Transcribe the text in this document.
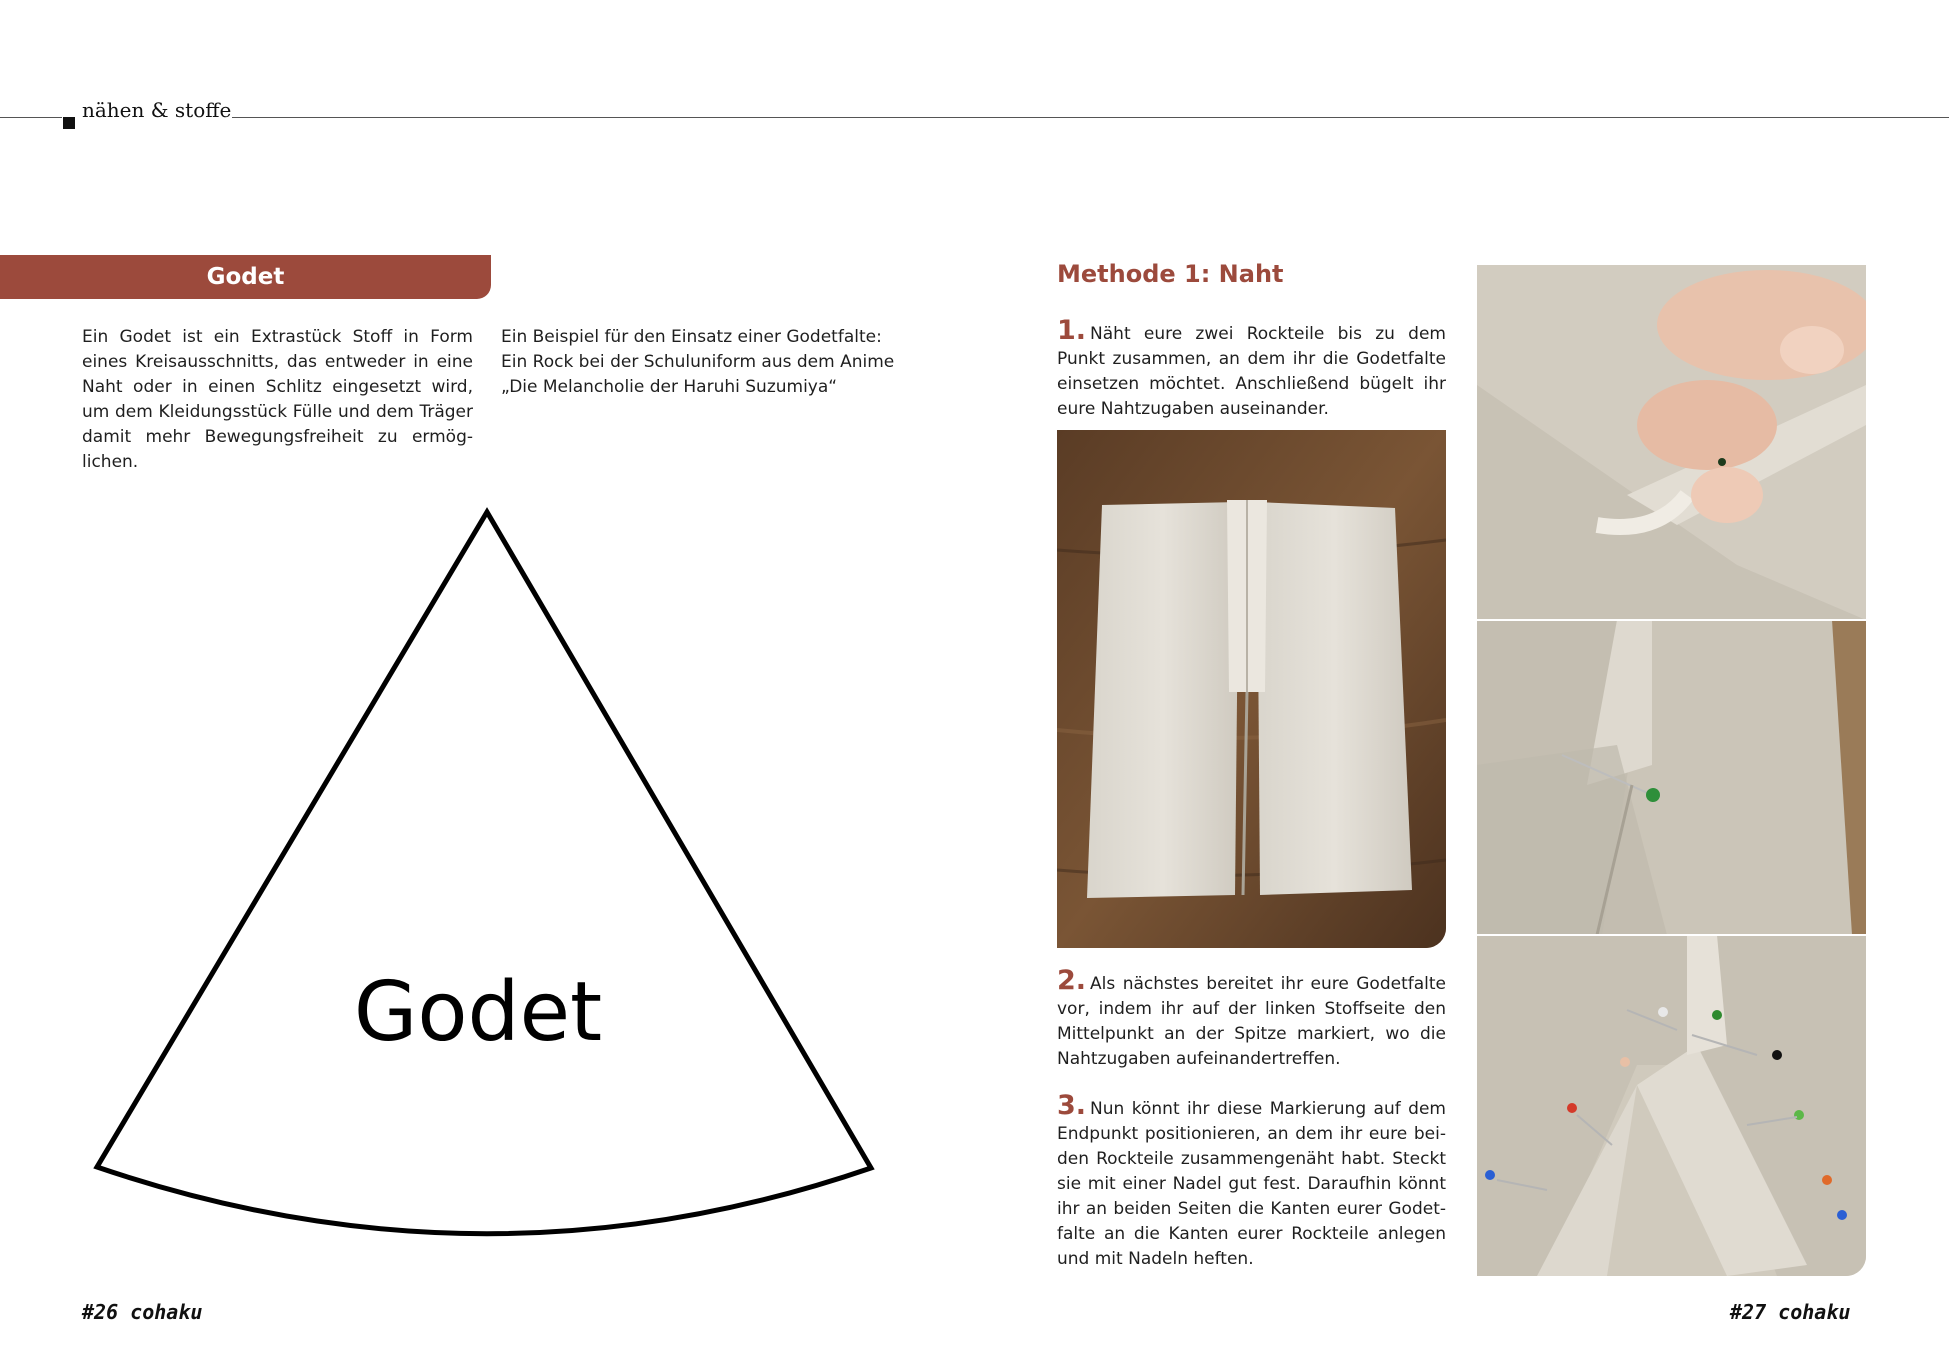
nähen & stoffe
Godet
Ein Godet ist ein Extrastück Stoff in Form eines Kreisausschnitts, das entweder in eine Naht oder in einen Schlitz eingesetzt wird, um dem Kleidungsstück Fülle und dem Träger damit mehr Bewegungsfreiheit zu ermöglichen.
Ein Beispiel für den Einsatz einer Godetfalte: Ein Rock bei der Schuluniform aus dem Anime „Die Melancholie der Haruhi Suzumiya“
Godet
#26 cohaku
Methode 1: Naht
1. Näht eure zwei Rockteile bis zu dem Punkt zusammen, an dem ihr die Godetfalte einsetzen möchtet. Anschließend bügelt ihr eure Nahtzugaben auseinander.
2. Als nächstes bereitet ihr eure Godetfalte vor, indem ihr auf der linken Stoffseite den Mittelpunkt an der Spitze markiert, wo die Nahtzugaben aufeinandertreffen.
3. Nun könnt ihr diese Markierung auf dem Endpunkt positionieren, an dem ihr eure beiden Rockteile zusammengenäht habt. Steckt sie mit einer Nadel gut fest. Daraufhin könnt ihr an beiden Seiten die Kanten eurer Godetfalte an die Kanten eurer Rockteile anlegen und mit Nadeln heften.
#27 cohaku
